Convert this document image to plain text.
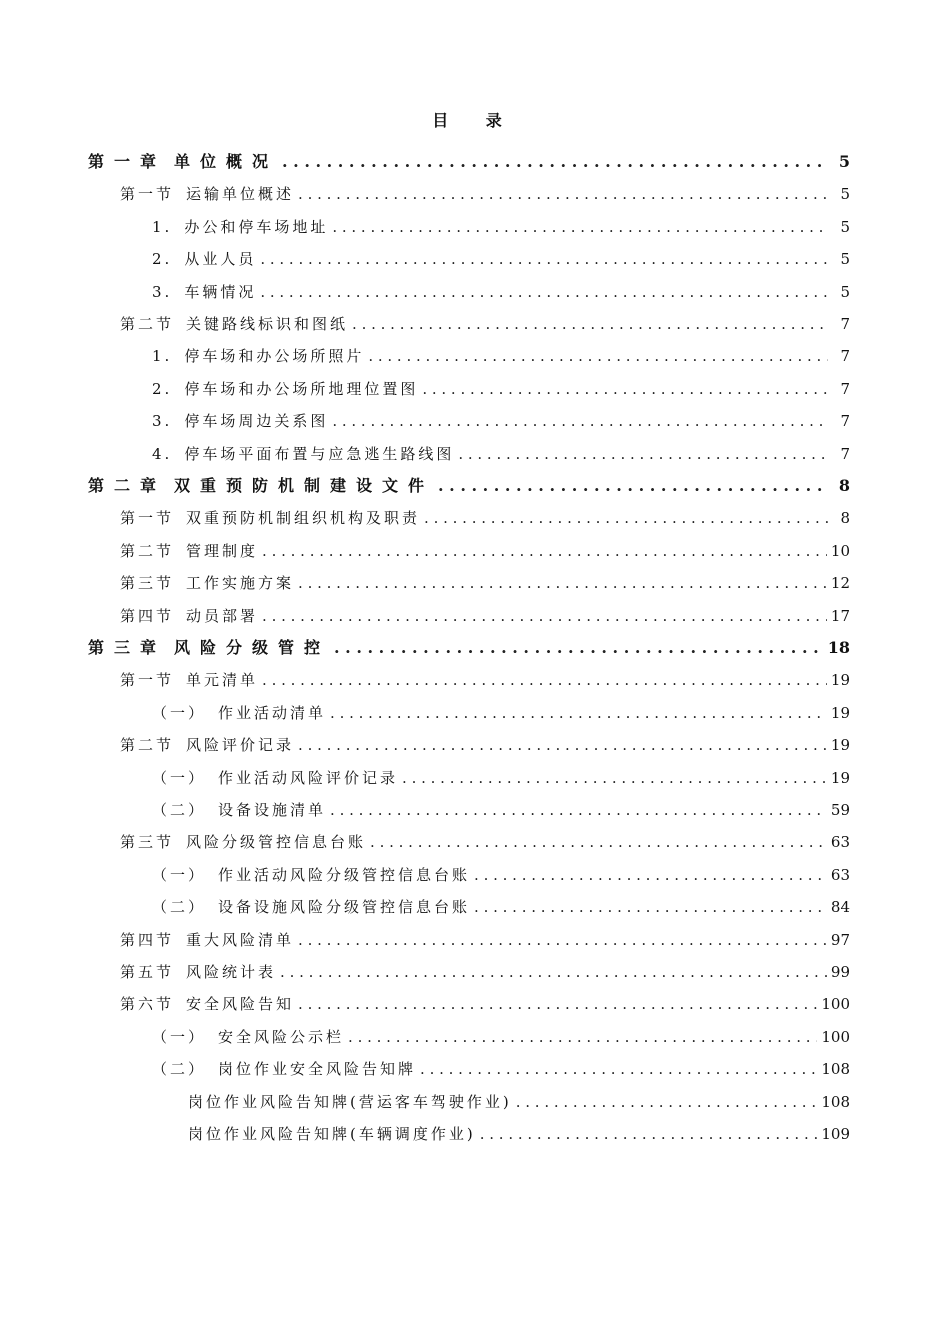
目 录
第一章 单位概况 . . .	5
第一节 运输单位概述 . . .	5
1. 办公和停车场地址 . . .	5
2. 从业人员 . . .	5
3. 车辆情况 . . .	5
第二节 关键路线标识和图纸 . . .	7
1. 停车场和办公场所照片 . . .	7
2. 停车场和办公场所地理位置图 . . .	7
3. 停车场周边关系图 . . .	7
4. 停车场平面布置与应急逃生路线图 . . .	7
第二章 双重预防机制建设文件 . . .	8
第一节 双重预防机制组织机构及职责 . . .	8
第二节 管理制度 . . .	10
第三节 工作实施方案 . . .	12
第四节 动员部署 . . .	17
第三章 风险分级管控 . . .	18
第一节 单元清单 . . .	19
（一） 作业活动清单 . . .	19
第二节 风险评价记录 . . .	19
（一） 作业活动风险评价记录 . . .	19
（二） 设备设施清单 . . .	59
第三节 风险分级管控信息台账 . . .	63
（一） 作业活动风险分级管控信息台账 . . .	63
（二） 设备设施风险分级管控信息台账 . . .	84
第四节 重大风险清单 . . .	97
第五节 风险统计表 . . .	99
第六节 安全风险告知 . . .	100
（一） 安全风险公示栏 . . .	100
（二） 岗位作业安全风险告知牌 . . .	108
岗位作业风险告知牌(营运客车驾驶作业) . . .	108
岗位作业风险告知牌(车辆调度作业) . . .	109
